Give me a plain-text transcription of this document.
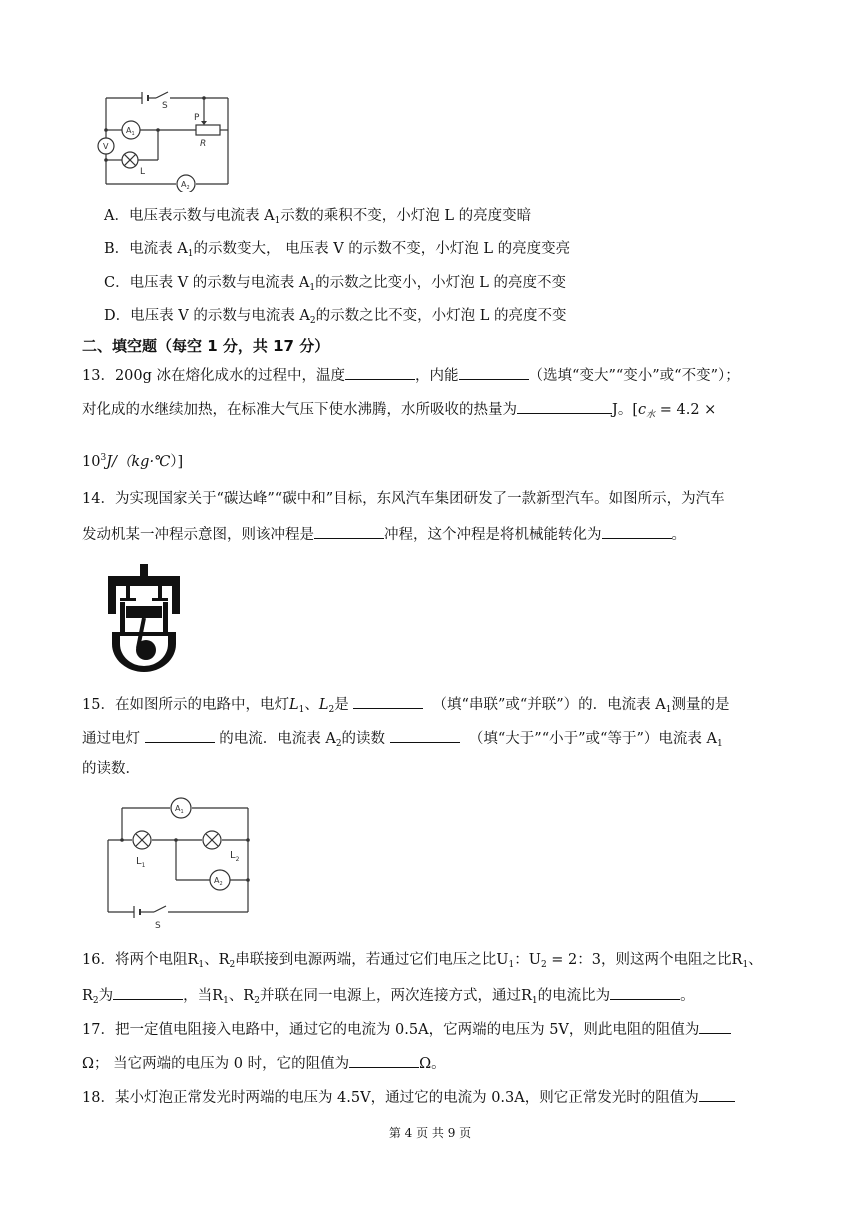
S
P
R
$A_1$
$A_2$
V
L
A．电压表示数与电流表 $A_1$示数的乘积不变，小灯泡 L 的亮度变暗
B．电流表 $A_1$的示数变大， 电压表 V 的示数不变，小灯泡 L 的亮度变亮
C．电压表 V 的示数与电流表 $A_1$的示数之比变小，小灯泡 L 的亮度不变
D．电压表 V 的示数与电流表 $A_2$的示数之比不变，小灯泡 L 的亮度不变
二、填空题（每空 1 分，共 17 分）
13．200g 冰在熔化成水的过程中，温度	，内能	（选填“变大”“变小”或“不变”）；
对化成的水继续加热，在标准大气压下使水沸腾，水所吸收的热量为	J。[$c_水 = 4.2$ ×
$10^3J/(kg\cdot℃)$]
14．为实现国家关于“碳达峰”“碳中和”目标，东风汽车集团研发了一款新型汽车。如图所示，为汽车
发动机某一冲程示意图，则该冲程是	冲程，这个冲程是将机械能转化为	。
15．在如图所示的电路中，电灯$L_1$、$L_2$是	（填“串联”或“并联”）的．电流表 $A_1$测量的是
通过电灯	的电流．电流表 $A_2$的读数	（填“大于”“小于”或“等于”）电流表 $A_1$
的读数．
$A_1$
$A_2$
$L_1$
$L_2$
S
16．将两个电阻$R_1$、$R_2$串联接到电源两端，若通过它们电压之比$U_1$：$U_2 = 2$：3，则这两个电阻之比$R_1$、
$R_2$为	，当$R_1$、$R_2$并联在同一电源上，两次连接方式，通过$R_1$的电流比为	。
17．把一定值电阻接入电路中，通过它的电流为 0.5A，它两端的电压为 5V，则此电阻的阻值为
Ω； 当它两端的电压为 0 时，它的阻值为	Ω。
18．某小灯泡正常发光时两端的电压为 4.5V，通过它的电流为 0.3A，则它正常发光时的阻值为
第 4 页 共 9 页
